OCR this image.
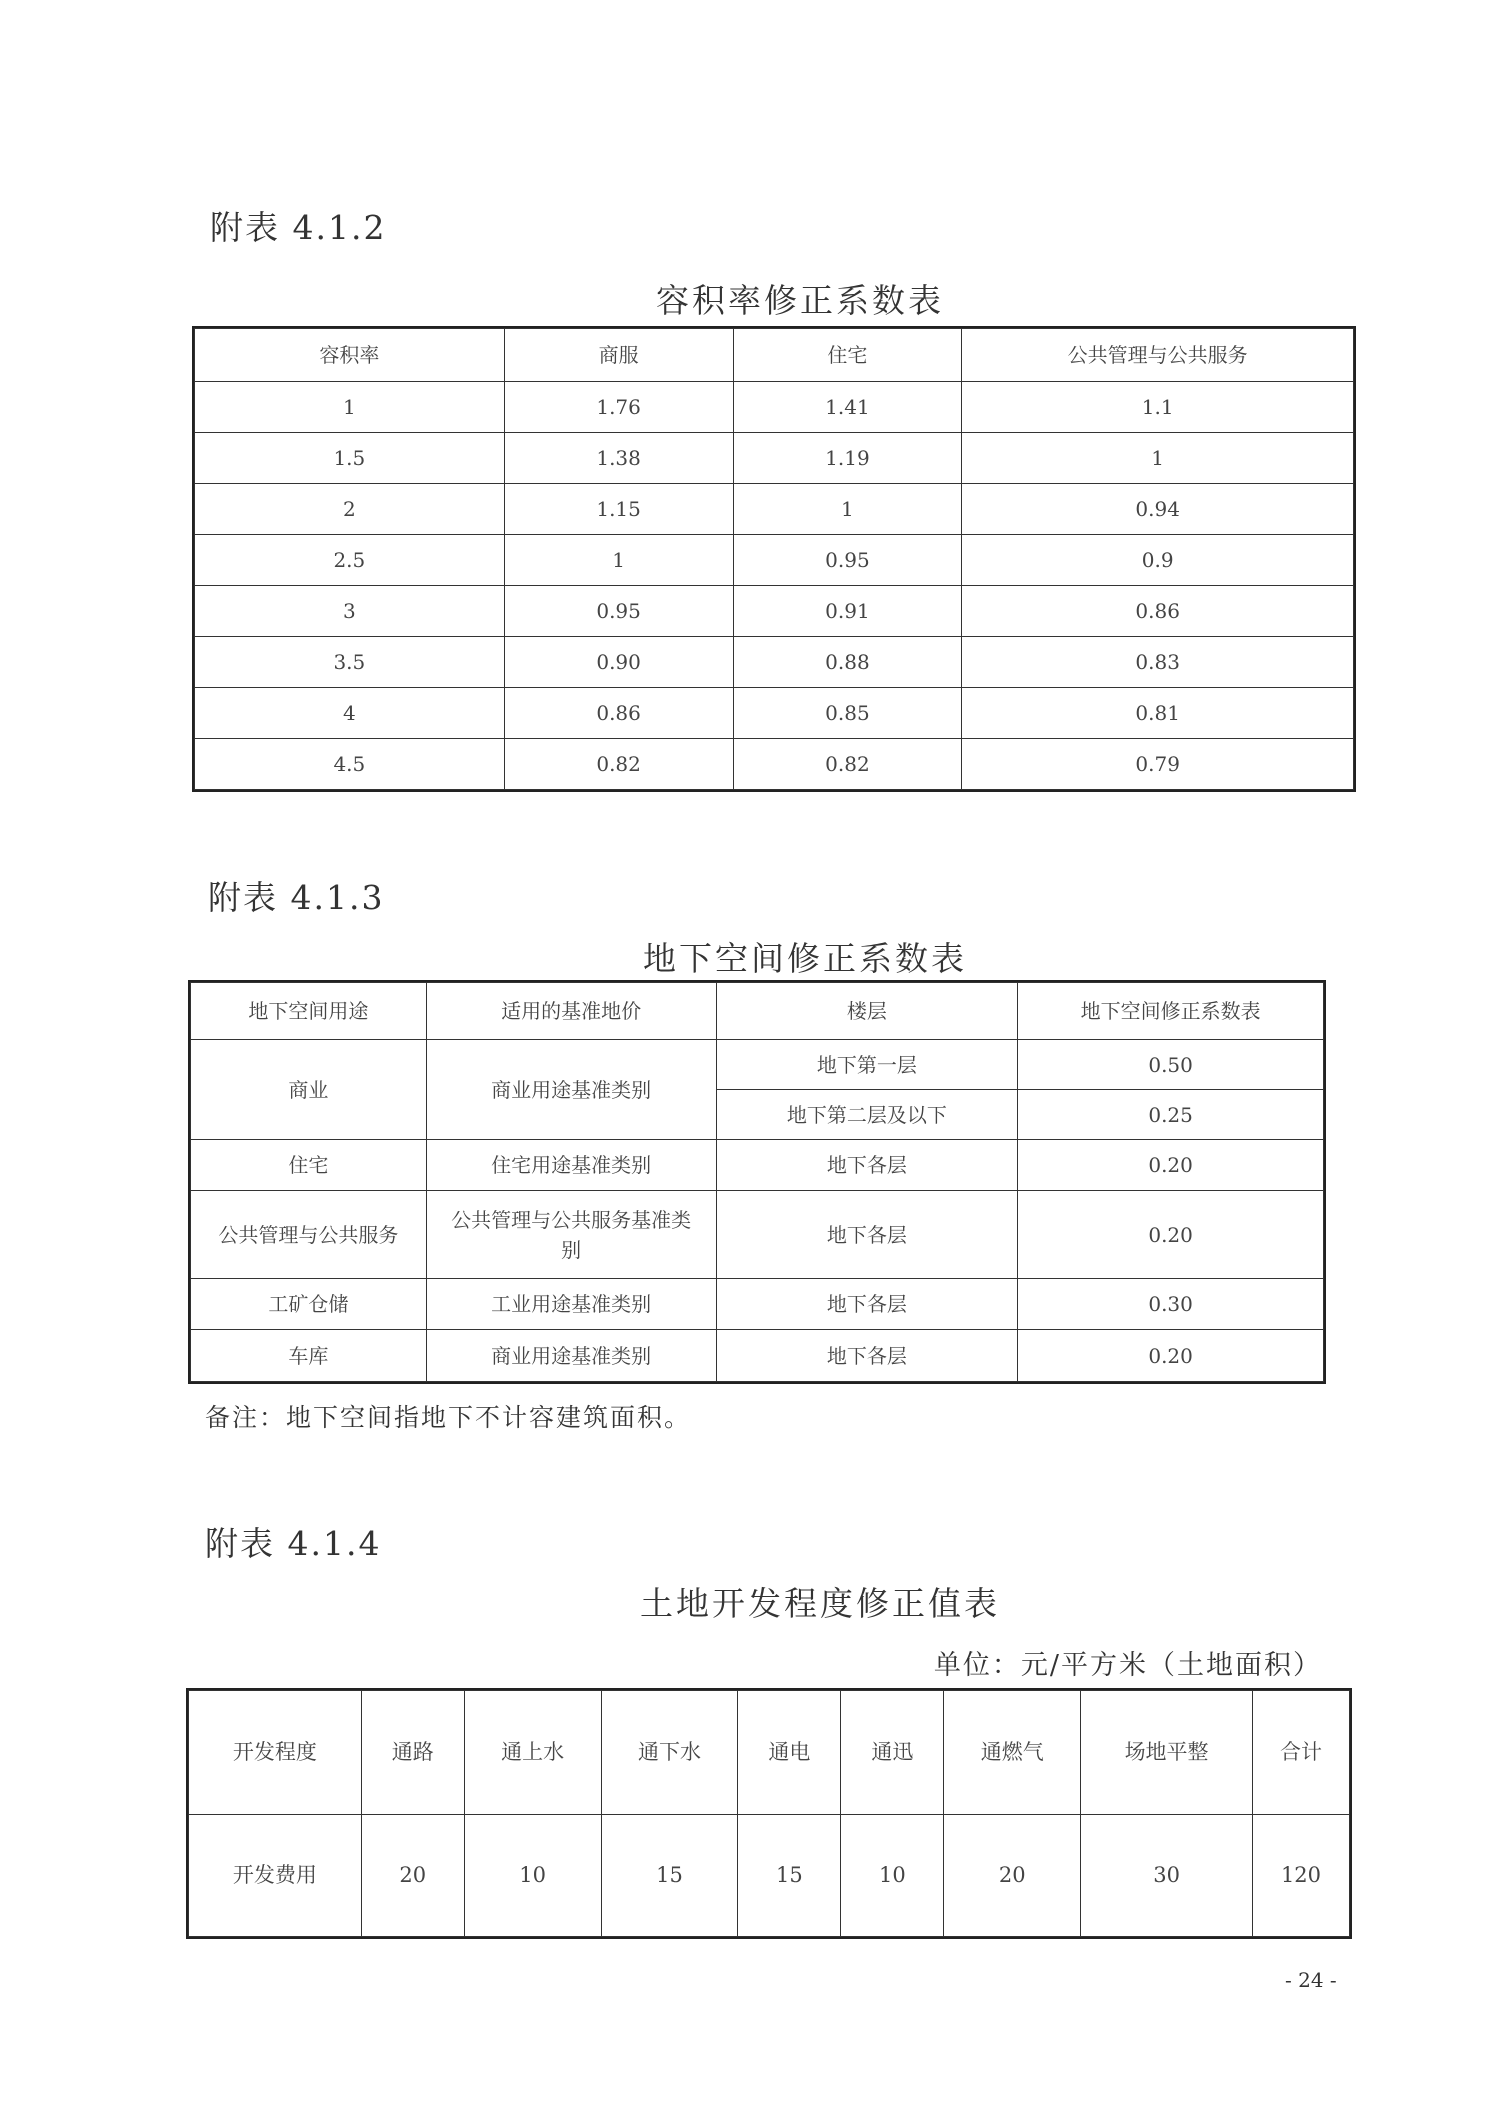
附表 4.1.2
容积率修正系数表
容积率	商服	住宅	公共管理与公共服务
1	1.76	1.41	1.1
1.5	1.38	1.19	1
2	1.15	1	0.94
2.5	1	0.95	0.9
3	0.95	0.91	0.86
3.5	0.90	0.88	0.83
4	0.86	0.85	0.81
4.5	0.82	0.82	0.79
附表 4.1.3
地下空间修正系数表
地下空间用途	适用的基准地价	楼层	地下空间修正系数表
商业	商业用途基准类别	地下第一层	0.50
		地下第二层及以下	0.25
住宅	住宅用途基准类别	地下各层	0.20
公共管理与公共服务	公共管理与公共服务基准类别	地下各层	0.20
工矿仓储	工业用途基准类别	地下各层	0.30
车库	商业用途基准类别	地下各层	0.20
备注：地下空间指地下不计容建筑面积。
附表 4.1.4
土地开发程度修正值表
单位：元/平方米（土地面积）
开发程度	通路	通上水	通下水	通电	通迅	通燃气	场地平整	合计
开发费用	20	10	15	15	10	20	30	120
- 24 -
